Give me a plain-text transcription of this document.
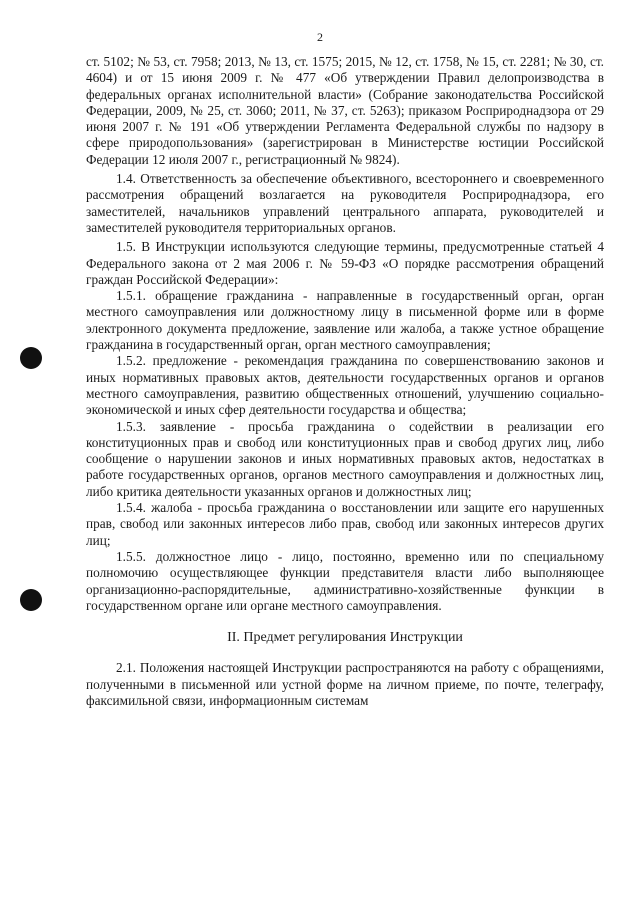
2

ст. 5102; № 53, ст. 7958; 2013, № 13, ст. 1575; 2015, № 12, ст. 1758, № 15, ст. 2281; № 30, ст. 4604) и от 15 июня 2009 г. № 477 «Об утверждении Правил делопроизводства в федеральных органах исполнительной власти» (Собрание законодательства Российской Федерации, 2009, № 25, ст. 3060; 2011, № 37, ст. 5263); приказом Росприроднадзора от 29 июня 2007 г. № 191 «Об утверждении Регламента Федеральной службы по надзору в сфере природопользования» (зарегистрирован в Министерстве юстиции Российской Федерации 12 июля 2007 г., регистрационный № 9824).

1.4. Ответственность за обеспечение объективного, всестороннего и своевременного рассмотрения обращений возлагается на руководителя Росприроднадзора, его заместителей, начальников управлений центрального аппарата, руководителей и заместителей руководителя территориальных органов.

1.5. В Инструкции используются следующие термины, предусмотренные статьей 4 Федерального закона от 2 мая 2006 г. № 59-ФЗ «О порядке рассмотрения обращений граждан Российской Федерации»:

1.5.1. обращение гражданина - направленные в государственный орган, орган местного самоуправления или должностному лицу в письменной форме или в форме электронного документа предложение, заявление или жалоба, а также устное обращение гражданина в государственный орган, орган местного самоуправления;

1.5.2. предложение - рекомендация гражданина по совершенствованию законов и иных нормативных правовых актов, деятельности государственных органов и органов местного самоуправления, развитию общественных отношений, улучшению социально-экономической и иных сфер деятельности государства и общества;

1.5.3. заявление - просьба гражданина о содействии в реализации его конституционных прав и свобод или конституционных прав и свобод других лиц, либо сообщение о нарушении законов и иных нормативных правовых актов, недостатках в работе государственных органов, органов местного самоуправления и должностных лиц, либо критика деятельности указанных органов и должностных лиц;

1.5.4. жалоба - просьба гражданина о восстановлении или защите его нарушенных прав, свобод или законных интересов либо прав, свобод или законных интересов других лиц;

1.5.5. должностное лицо - лицо, постоянно, временно или по специальному полномочию осуществляющее функции представителя власти либо выполняющее организационно-распорядительные, административно-хозяйственные функции в государственном органе или органе местного самоуправления.

II. Предмет регулирования Инструкции

2.1. Положения настоящей Инструкции распространяются на работу с обращениями, полученными в письменной или устной форме на личном приеме, по почте, телеграфу, факсимильной связи, информационным системам
